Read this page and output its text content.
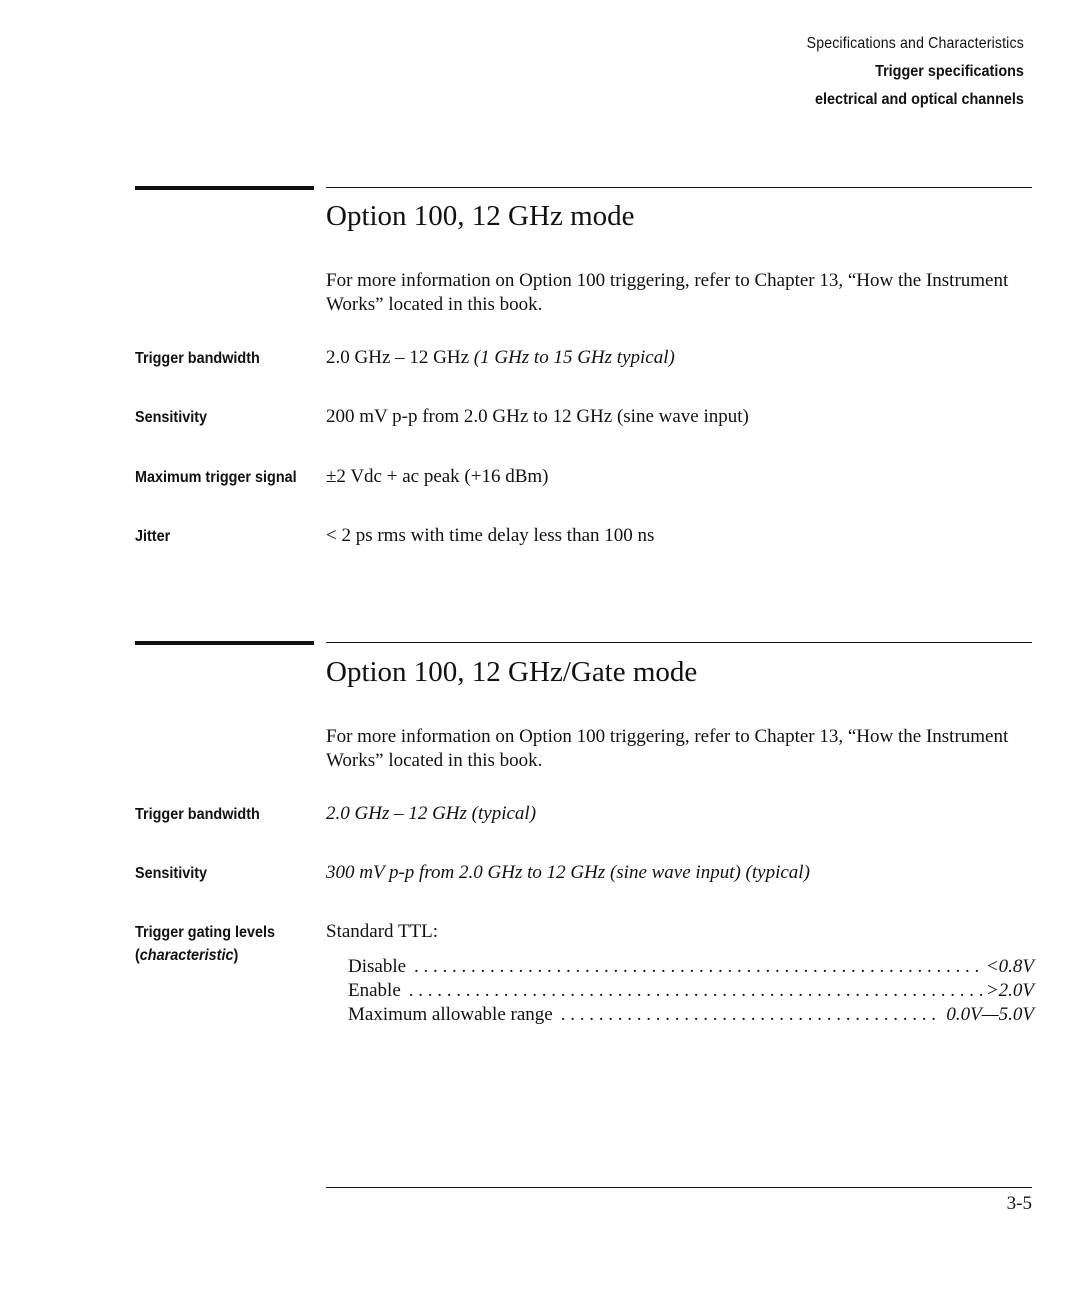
Specifications and Characteristics
Trigger specifications
electrical and optical channels
Option 100, 12 GHz mode
For more information on Option 100 triggering, refer to Chapter 13, “How the Instrument Works” located in this book.
Trigger bandwidth	2.0 GHz – 12 GHz (1 GHz to 15 GHz typical)
Sensitivity	200 mV p-p from 2.0 GHz to 12 GHz (sine wave input)
Maximum trigger signal ±2 Vdc + ac peak (+16 dBm)
Jitter	< 2 ps rms with time delay less than 100 ns
Option 100, 12 GHz/Gate mode
For more information on Option 100 triggering, refer to Chapter 13, “How the Instrument Works” located in this book.
Trigger bandwidth	2.0 GHz – 12 GHz (typical)
Sensitivity	300 mV p-p from 2.0 GHz to 12 GHz (sine wave input) (typical)
Trigger gating levels
(characteristic)
Standard TTL:
Disable . . .	<0.8V
Enable . . .	>2.0V
Maximum allowable range . . .	0.0V—5.0V
3-5
